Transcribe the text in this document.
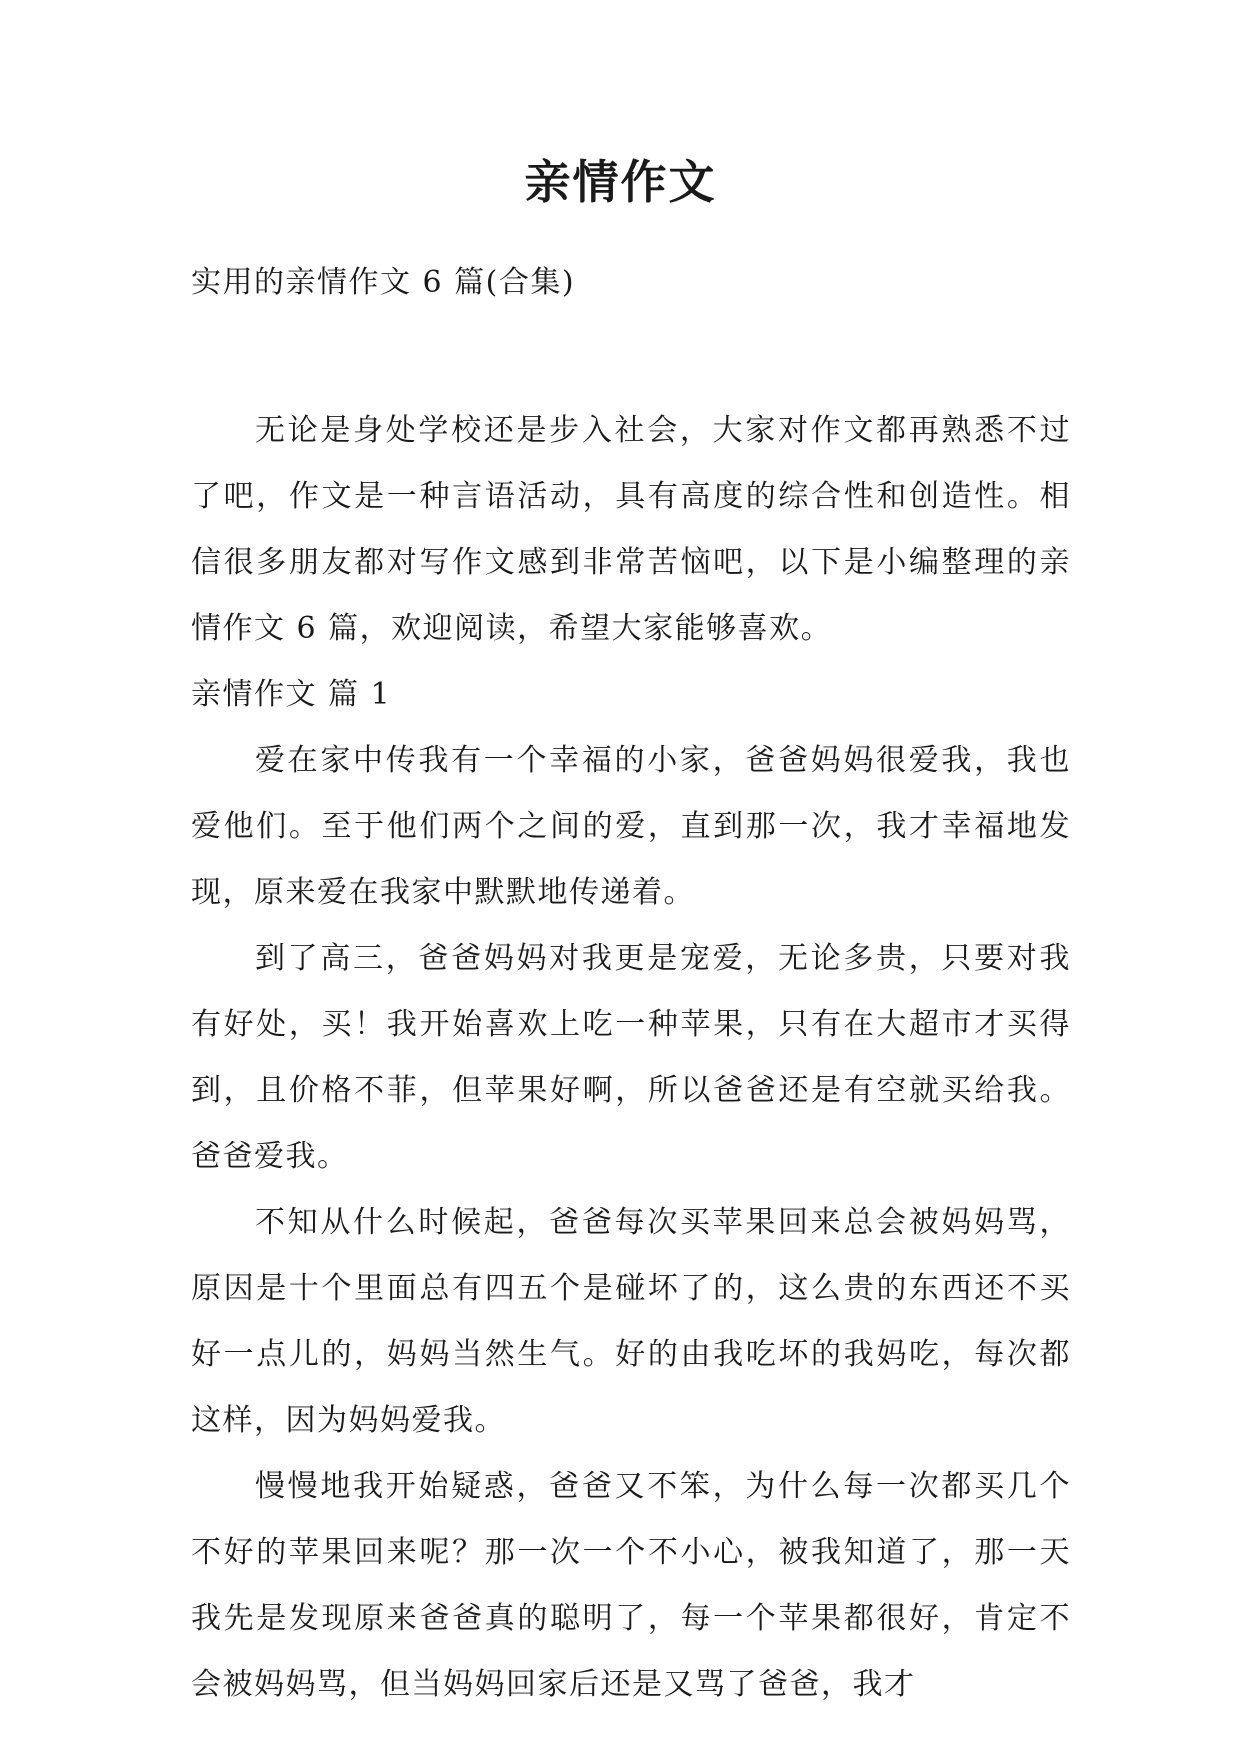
亲情作文
实用的亲情作文 6 篇(合集)

无论是身处学校还是步入社会，大家对作文都再熟悉不过了吧，作文是一种言语活动，具有高度的综合性和创造性。相信很多朋友都对写作文感到非常苦恼吧，以下是小编整理的亲情作文 6 篇，欢迎阅读，希望大家能够喜欢。

亲情作文 篇 1

爱在家中传我有一个幸福的小家，爸爸妈妈很爱我，我也爱他们。至于他们两个之间的爱，直到那一次，我才幸福地发现，原来爱在我家中默默地传递着。

到了高三，爸爸妈妈对我更是宠爱，无论多贵，只要对我有好处，买！我开始喜欢上吃一种苹果，只有在大超市才买得到，且价格不菲，但苹果好啊，所以爸爸还是有空就买给我。爸爸爱我。

不知从什么时候起，爸爸每次买苹果回来总会被妈妈骂，原因是十个里面总有四五个是碰坏了的，这么贵的东西还不买好一点儿的，妈妈当然生气。好的由我吃坏的我妈吃，每次都这样，因为妈妈爱我。

慢慢地我开始疑惑，爸爸又不笨，为什么每一次都买几个不好的苹果回来呢？那一次一个不小心，被我知道了，那一天我先是发现原来爸爸真的聪明了，每一个苹果都很好，肯定不会被妈妈骂，但当妈妈回家后还是又骂了爸爸，我才
